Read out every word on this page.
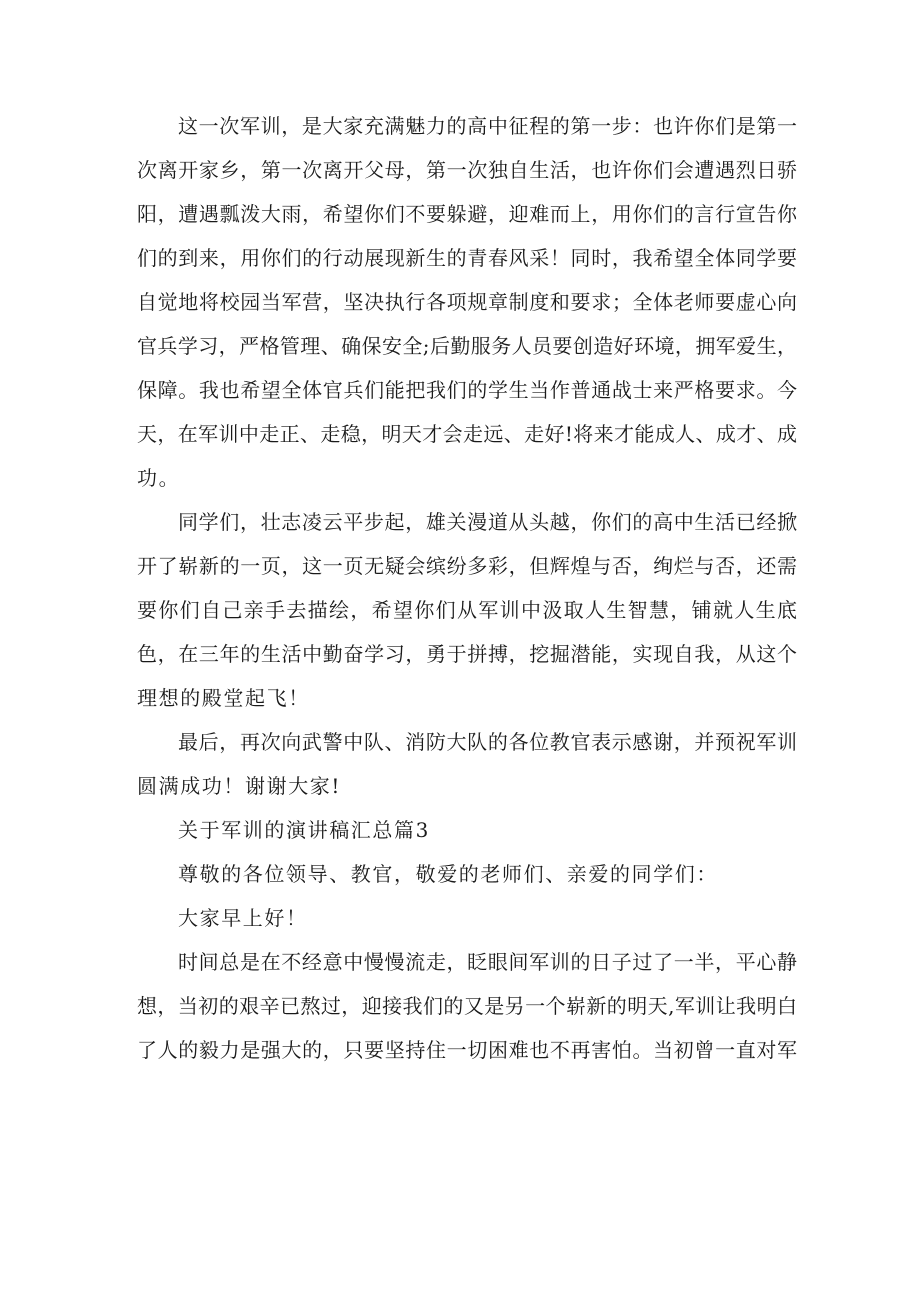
这一次军训，是大家充满魅力的高中征程的第一步：也许你们是第一
次离开家乡，第一次离开父母，第一次独自生活，也许你们会遭遇烈日骄
阳，遭遇瓢泼大雨，希望你们不要躲避，迎难而上，用你们的言行宣告你
们的到来，用你们的行动展现新生的青春风采！同时，我希望全体同学要
自觉地将校园当军营，坚决执行各项规章制度和要求；全体老师要虚心向
官兵学习，严格管理、确保安全;后勤服务人员要创造好环境，拥军爱生，
保障。我也希望全体官兵们能把我们的学生当作普通战士来严格要求。今
天，在军训中走正、走稳，明天才会走远、走好!将来才能成人、成才、成
功。
同学们，壮志凌云平步起，雄关漫道从头越，你们的高中生活已经掀
开了崭新的一页，这一页无疑会缤纷多彩，但辉煌与否，绚烂与否，还需
要你们自己亲手去描绘，希望你们从军训中汲取人生智慧，铺就人生底
色，在三年的生活中勤奋学习，勇于拼搏，挖掘潜能，实现自我，从这个
理想的殿堂起飞！
最后，再次向武警中队、消防大队的各位教官表示感谢，并预祝军训
圆满成功！谢谢大家!
关于军训的演讲稿汇总篇3
尊敬的各位领导、教官，敬爱的老师们、亲爱的同学们：
大家早上好！
时间总是在不经意中慢慢流走，眨眼间军训的日子过了一半，平心静
想，当初的艰辛已熬过，迎接我们的又是另一个崭新的明天,军训让我明白
了人的毅力是强大的，只要坚持住一切困难也不再害怕。当初曾一直对军
